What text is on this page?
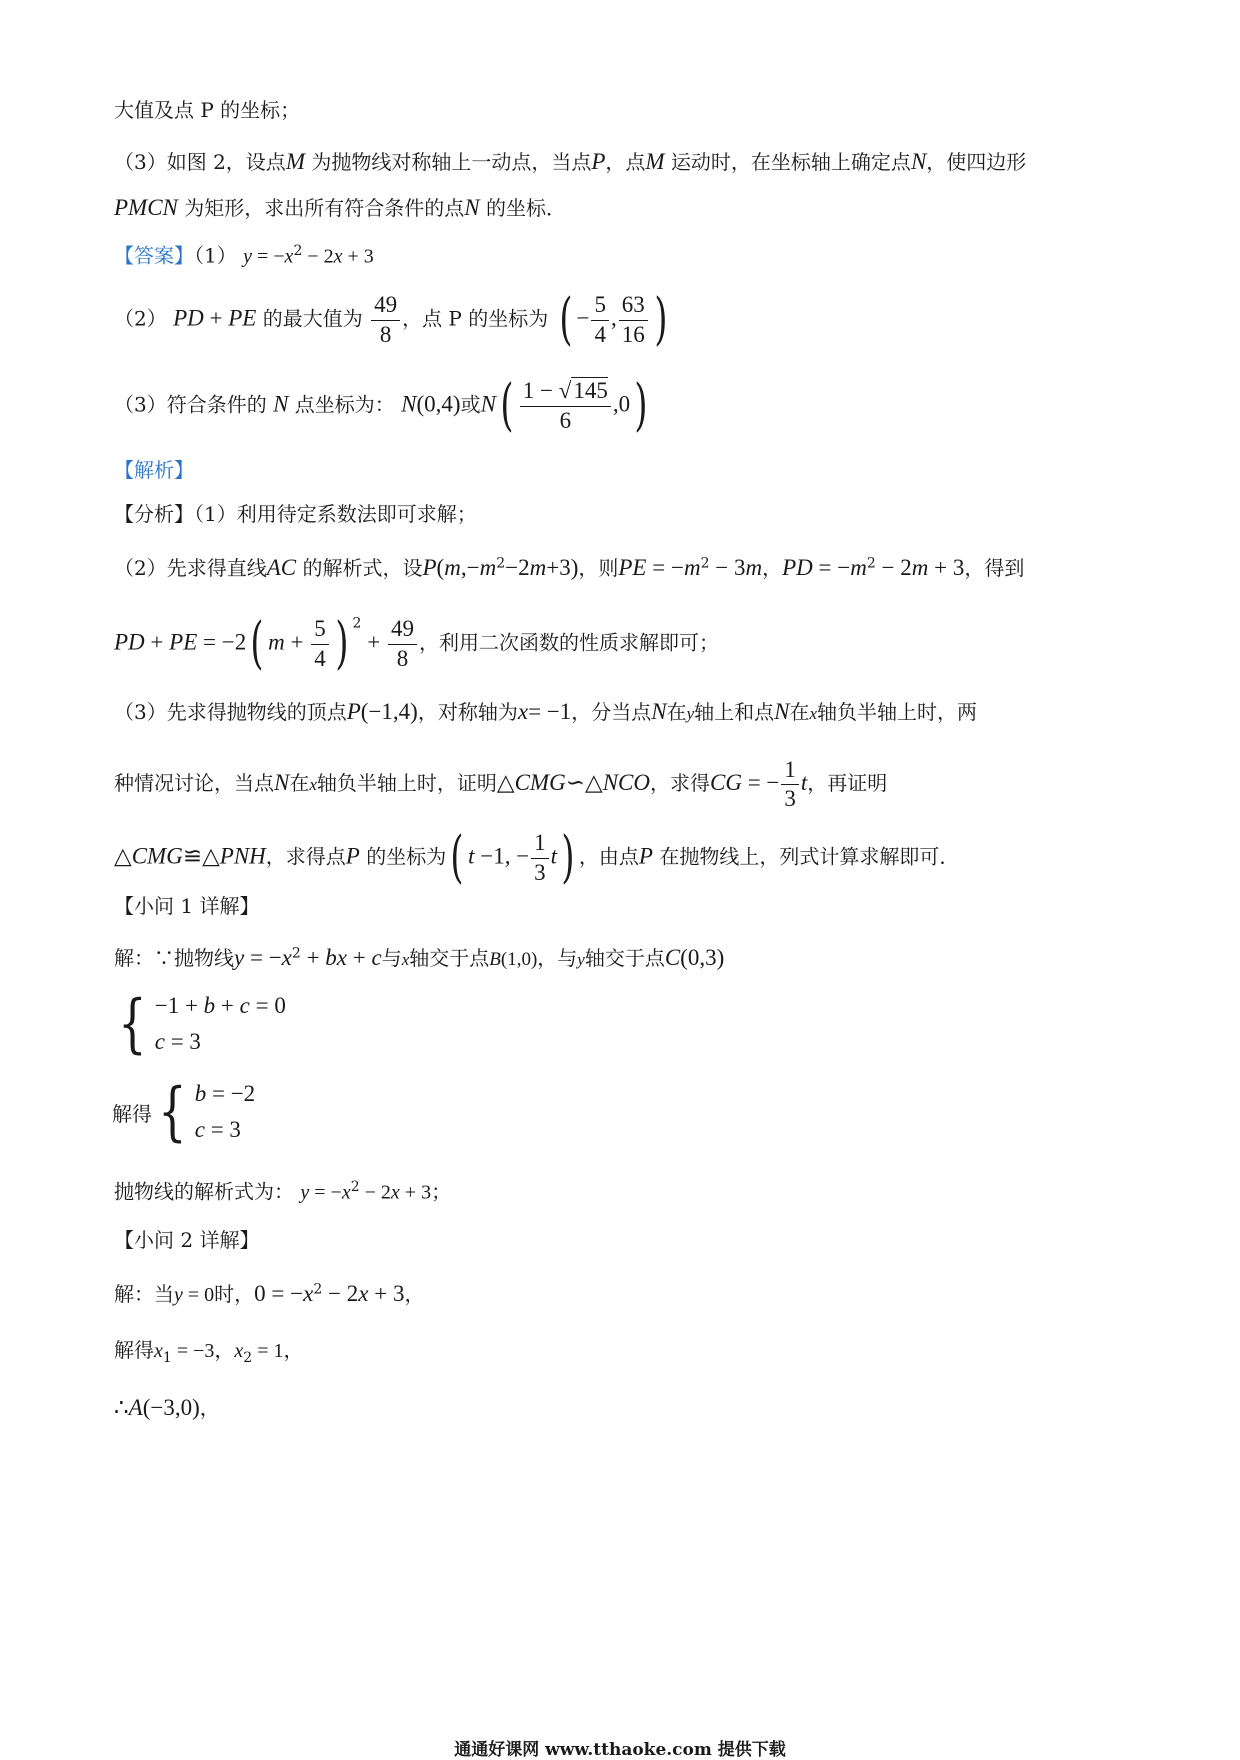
大值及点 P 的坐标；
（3）如图 2，设点M 为抛物线对称轴上一动点，当点P，点M 运动时，在坐标轴上确定点N，使四边形
PMCN 为矩形，求出所有符合条件的点N 的坐标．
【答案】（1） $y = -x^2 - 2x + 3$
（2） PD + PE 的最大值为 $\frac{49}{8}$ ，点 P 的坐标为 ( − $\frac{5}{4}$ , $\frac{63}{16}$ )
（3）符合条件的 N 点坐标为： N(0,4)或$N( \frac{1 - √145}{6} ,0)$
【解析】
【分析】（1）利用待定系数法即可求解；
（2）先求得直线AC 的解析式，设$P(m,-m^2-2m+3)$，则PE = $-m^2 - 3m$，PD = $-m^2 - 2m + 3$，得到
PD + PE = −2( $m + \frac{5}{4}$ ) $^2 + \frac{49}{8}$ ，利用二次函数的性质求解即可；
（3）先求得抛物线的顶点P(−1,4)，对称轴为x= −1，分当点N在y轴上和点N在x轴负半轴上时，两
种情况讨论，当点N在x轴负半轴上时，证明△CMG∽△NCO，求得CG = − $\frac{1}{3}$ t，再证明
△CMG≌△PNH，求得点P 的坐标为( t −1, − $\frac{1}{3} t$) ，由点P 在抛物线上，列式计算求解即可．
【小问 1 详解】
解：∵抛物线$y = -x^2$ + bx + c与x轴交于点B(1,0)，与y轴交于点C(0,3)
{ −1 + b + c = 0
c = 3
解得 { b = −2
c = 3
抛物线的解析式为： $y = -x^2 - 2x + 3$；
【小问 2 详解】
解：当y = 0时，$0 = -x^2 - 2x + 3$，
解得$x_1 = -3$，$x_2 = 1$，
∴A(−3,0)，
通通好课网 www.tthaoke.com 提供下载
